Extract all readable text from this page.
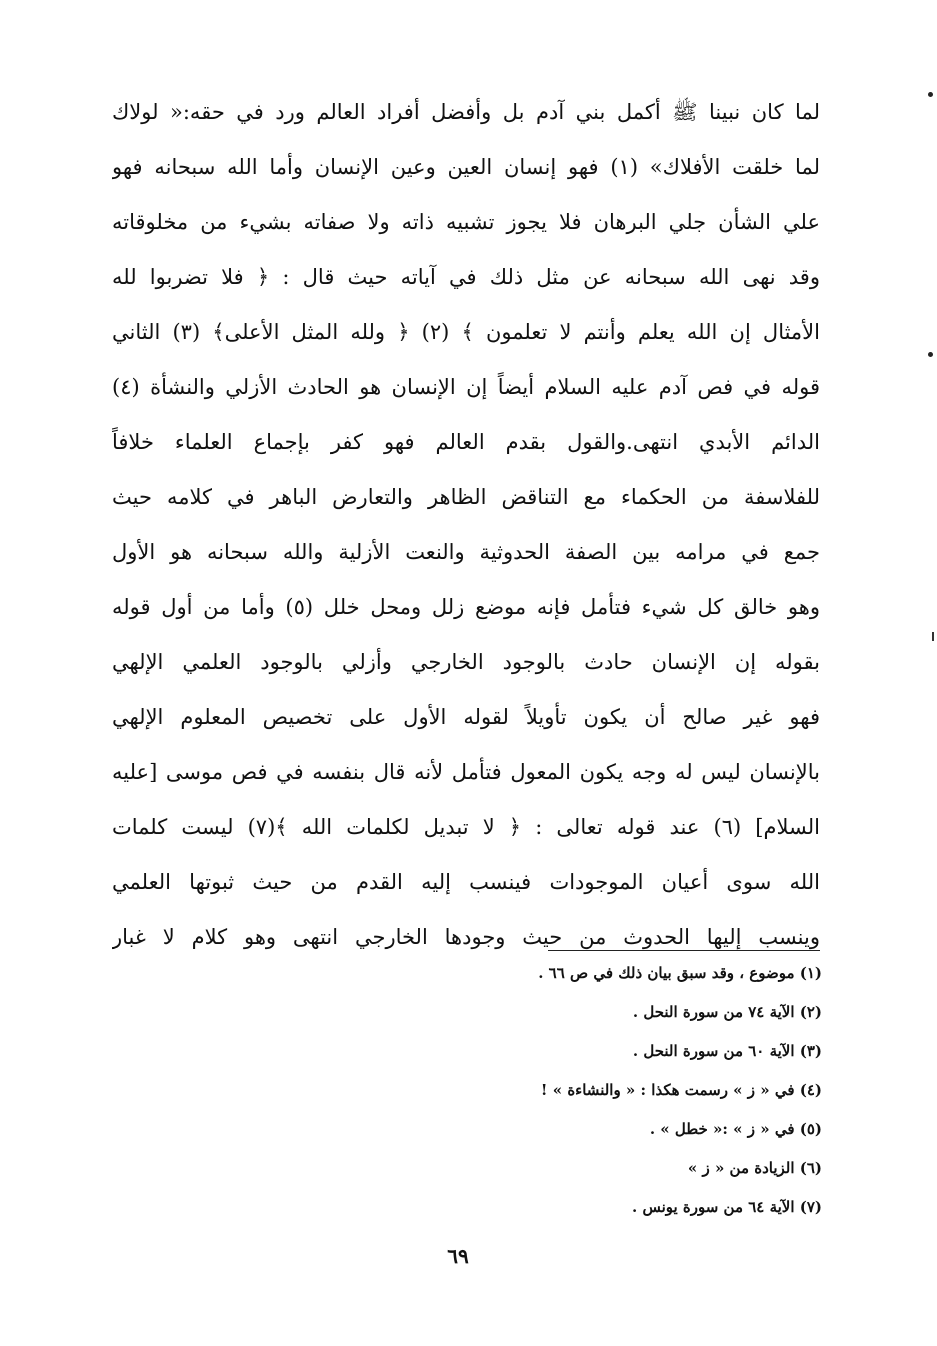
لما كان نبينا ﷺ أكمل بني آدم بل وأفضل أفراد العالم ورد في حقه:« لولاك
لما خلقت الأفلاك» (١) فهو إنسان العين وعين الإنسان وأما الله سبحانه فهو
علي الشأن جلي البرهان فلا يجوز تشبيه ذاته ولا صفاته بشيء من مخلوقاته
وقد نهى الله سبحانه عن مثل ذلك في آياته حيث قال : ﴿ فلا تضربوا لله
الأمثال إن الله يعلم وأنتم لا تعلمون ﴾ (٢) ﴿ ولله المثل الأعلى﴾ (٣) الثاني
قوله في فص آدم عليه السلام أيضاً إن الإنسان هو الحادث الأزلي والنشأة (٤)
الدائم الأبدي انتهى.والقول بقدم العالم فهو كفر بإجماع العلماء خلافاً
للفلاسفة من الحكماء مع التناقض الظاهر والتعارض الباهر في كلامه حيث
جمع في مرامه بين الصفة الحدوثية والنعت الأزلية والله سبحانه هو الأول
وهو خالق كل شيء فتأمل فإنه موضع زلل ومحل خلل (٥) وأما من أول قوله
بقوله إن الإنسان حادث بالوجود الخارجي وأزلي بالوجود العلمي الإلهي
فهو غير صالح أن يكون تأويلاً لقوله الأول على تخصيص المعلوم الإلهي
بالإنسان ليس له وجه يكون المعول فتأمل لأنه قال بنفسه في فص موسى [عليه
السلام] (٦) عند قوله تعالى : ﴿ لا تبديل لكلمات الله ﴾(٧) ليست كلمات
الله سوى أعيان الموجودات فينسب إليه القدم من حيث ثبوتها العلمي
وينسب إليها الحدوث من حيث وجودها الخارجي انتهى وهو كلام لا غبار
(١) موضوع ، وقد سبق بيان ذلك في ص ٦٦ .
(٢) الآية ٧٤ من سورة النحل .
(٣) الآية ٦٠ من سورة النحل .
(٤) في « ز » رسمت هكذا : « والنشاءة » !
(٥) في « ز » :« خطل » .
(٦) الزيادة من « ز »
(٧) الآية ٦٤ من سورة يونس .
٦٩
